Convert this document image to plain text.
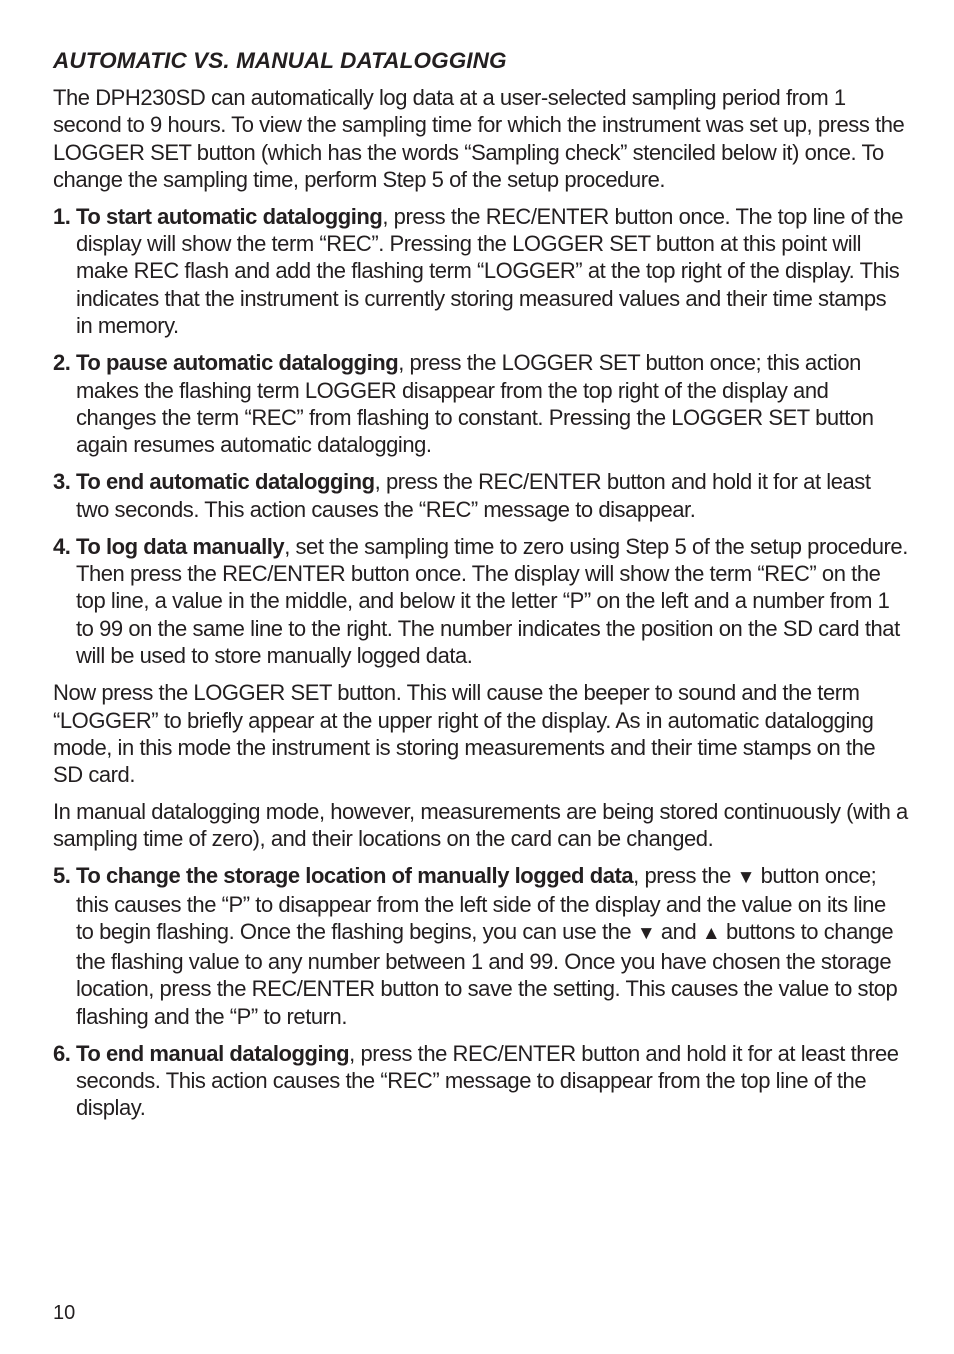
AUTOMATIC VS. MANUAL DATALOGGING

The DPH230SD can automatically log data at a user-selected sampling period from 1 second to 9 hours. To view the sampling time for which the instrument was set up, press the LOGGER SET button (which has the words “Sampling check” stenciled below it) once. To change the sampling time, perform Step 5 of the setup procedure.

1. To start automatic datalogging, press the REC/ENTER button once. The top line of the display will show the term “REC”. Pressing the LOGGER SET button at this point will make REC flash and add the flashing term “LOGGER” at the top right of the display. This indicates that the instrument is currently storing measured values and their time stamps in memory.
2. To pause automatic datalogging, press the LOGGER SET button once; this action makes the flashing term LOGGER disappear from the top right of the display and changes the term “REC” from flashing to constant. Pressing the LOGGER SET button again resumes automatic datalogging.
3. To end automatic datalogging, press the REC/ENTER button and hold it for at least two seconds. This action causes the “REC” message to disappear.
4. To log data manually, set the sampling time to zero using Step 5 of the setup procedure. Then press the REC/ENTER button once. The display will show the term “REC” on the top line, a value in the middle, and below it the letter “P” on the left and a number from 1 to 99 on the same line to the right. The number indicates the position on the SD card that will be used to store manually logged data.

Now press the LOGGER SET button. This will cause the beeper to sound and the term “LOGGER” to briefly appear at the upper right of the display. As in automatic datalogging mode, in this mode the instrument is storing measurements and their time stamps on the SD card.

In manual datalogging mode, however, measurements are being stored continuously (with a sampling time of zero), and their locations on the card can be changed.

5. To change the storage location of manually logged data, press the ▼ button once; this causes the “P” to disappear from the left side of the display and the value on its line to begin flashing. Once the flashing begins, you can use the ▼ and ▲ buttons to change the flashing value to any number between 1 and 99. Once you have chosen the storage location, press the REC/ENTER button to save the setting. This causes the value to stop flashing and the “P” to return.
6. To end manual datalogging, press the REC/ENTER button and hold it for at least three seconds. This action causes the “REC” message to disappear from the top line of the display.
10
